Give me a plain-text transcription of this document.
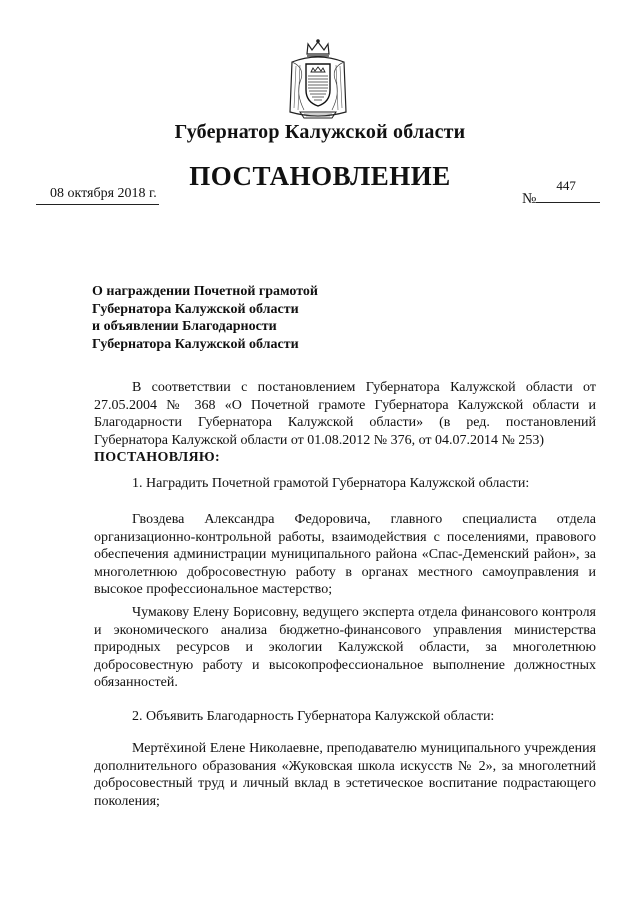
Губернатор Калужской области
ПОСТАНОВЛЕНИЕ
08 октября 2018 г.	№
447
О награждении Почетной грамотой
Губернатора Калужской области
и объявлении Благодарности
Губернатора Калужской области
В соответствии с постановлением Губернатора Калужской области от 27.05.2004 № 368 «О Почетной грамоте Губернатора Калужской области и Благодарности Губернатора Калужской области» (в ред. постановлений Губернатора Калужской области от 01.08.2012 № 376, от 04.07.2014 № 253)
ПОСТАНОВЛЯЮ:
1. Наградить Почетной грамотой Губернатора Калужской области:
Гвоздева Александра Федоровича, главного специалиста отдела организационно-контрольной работы, взаимодействия с поселениями, правового обеспечения администрации муниципального района «Спас-Деменский район», за многолетнюю добросовестную работу в органах местного самоуправления и высокое профессиональное мастерство;
Чумакову Елену Борисовну, ведущего эксперта отдела финансового контроля и экономического анализа бюджетно-финансового управления министерства природных ресурсов и экологии Калужской области, за многолетнюю добросовестную работу и высокопрофессиональное выполнение должностных обязанностей.
2. Объявить Благодарность Губернатора Калужской области:
Мертёхиной Елене Николаевне, преподавателю муниципального учреждения дополнительного образования «Жуковская школа искусств № 2», за многолетний добросовестный труд и личный вклад в эстетическое воспитание подрастающего поколения;
